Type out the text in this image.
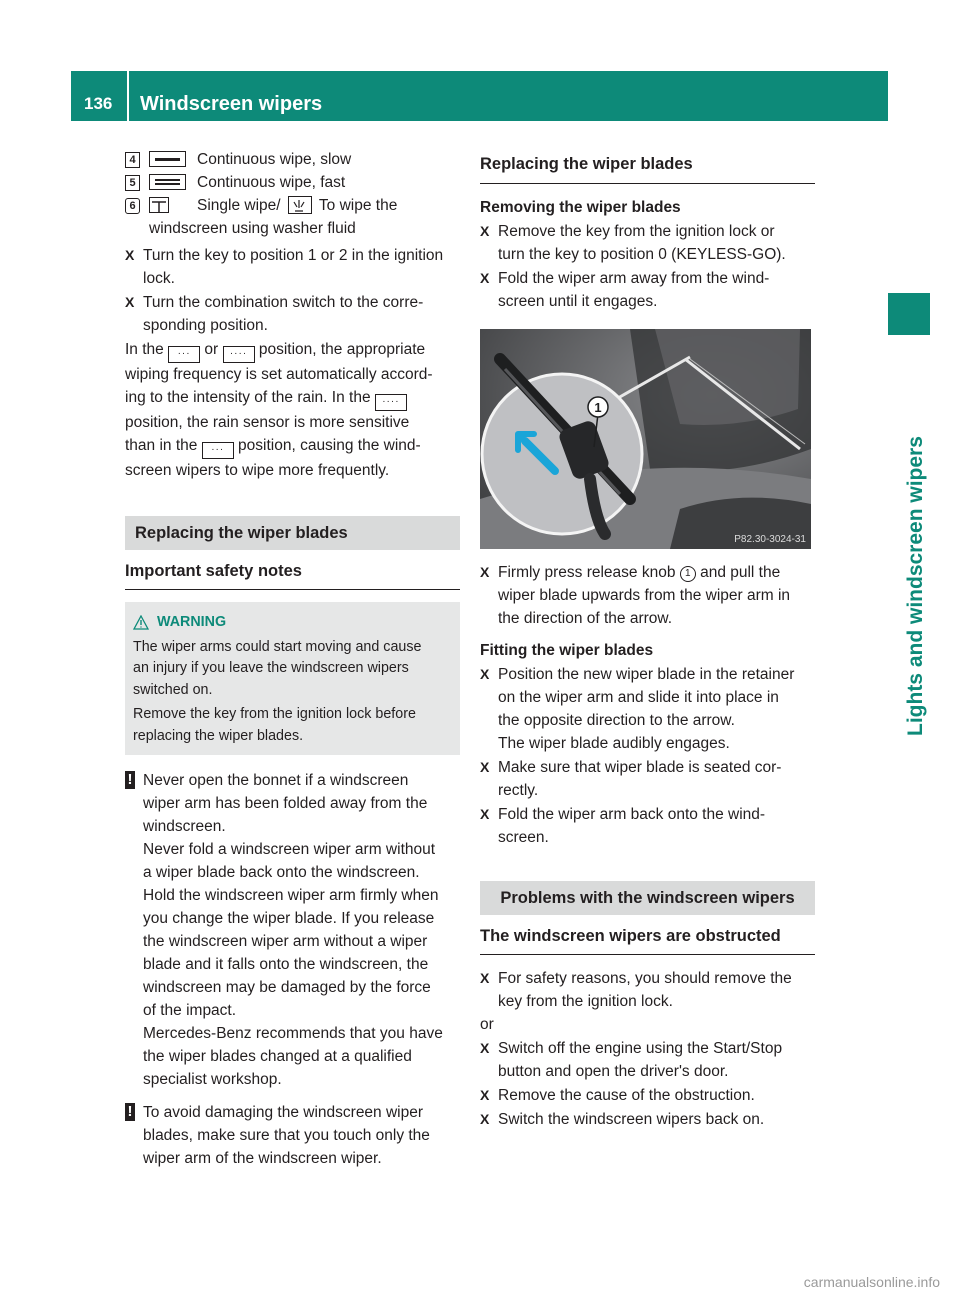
136 Windscreen wipers
Lights and windscreen wipers
4	Continuous wipe, slow
5	Continuous wipe, fast
6	Single wipe/ To wipe the

windscreen using washer fluid
X Turn the key to position 1 or 2 in the ignition
lock.
X Turn the combination switch to the corre-
sponding position.
In the ··· or ···· position, the appropriate
wiping frequency is set automatically accord-
ing to the intensity of the rain. In the ····
position, the rain sensor is more sensitive
than in the ··· position, causing the wind-
screen wipers to wipe more frequently.
Replacing the wiper blades
Important safety notes
WARNING
The wiper arms could start moving and cause
an injury if you leave the windscreen wipers
switched on.
Remove the key from the ignition lock before
replacing the wiper blades.
! Never open the bonnet if a windscreen
wiper arm has been folded away from the
windscreen.
Never fold a windscreen wiper arm without
a wiper blade back onto the windscreen.
Hold the windscreen wiper arm firmly when
you change the wiper blade. If you release
the windscreen wiper arm without a wiper
blade and it falls onto the windscreen, the
windscreen may be damaged by the force
of the impact.
Mercedes-Benz recommends that you have
the wiper blades changed at a qualified
specialist workshop.
! To avoid damaging the windscreen wiper
blades, make sure that you touch only the
wiper arm of the windscreen wiper.
Replacing the wiper blades
Removing the wiper blades
X Remove the key from the ignition lock or
turn the key to position 0 (KEYLESS-GO).
X Fold the wiper arm away from the wind-
screen until it engages.
1
P82.30-3024-31
X Firmly press release knob 1 and pull the
wiper blade upwards from the wiper arm in
the direction of the arrow.
Fitting the wiper blades
X Position the new wiper blade in the retainer
on the wiper arm and slide it into place in
the opposite direction to the arrow.
The wiper blade audibly engages.
X Make sure that wiper blade is seated cor-
rectly.
X Fold the wiper arm back onto the wind-
screen.
Problems with the windscreen wipers
The windscreen wipers are obstructed
X For safety reasons, you should remove the
key from the ignition lock.
or
X Switch off the engine using the Start/Stop
button and open the driver's door.
X Remove the cause of the obstruction.
X Switch the windscreen wipers back on.
carmanualsonline.info
